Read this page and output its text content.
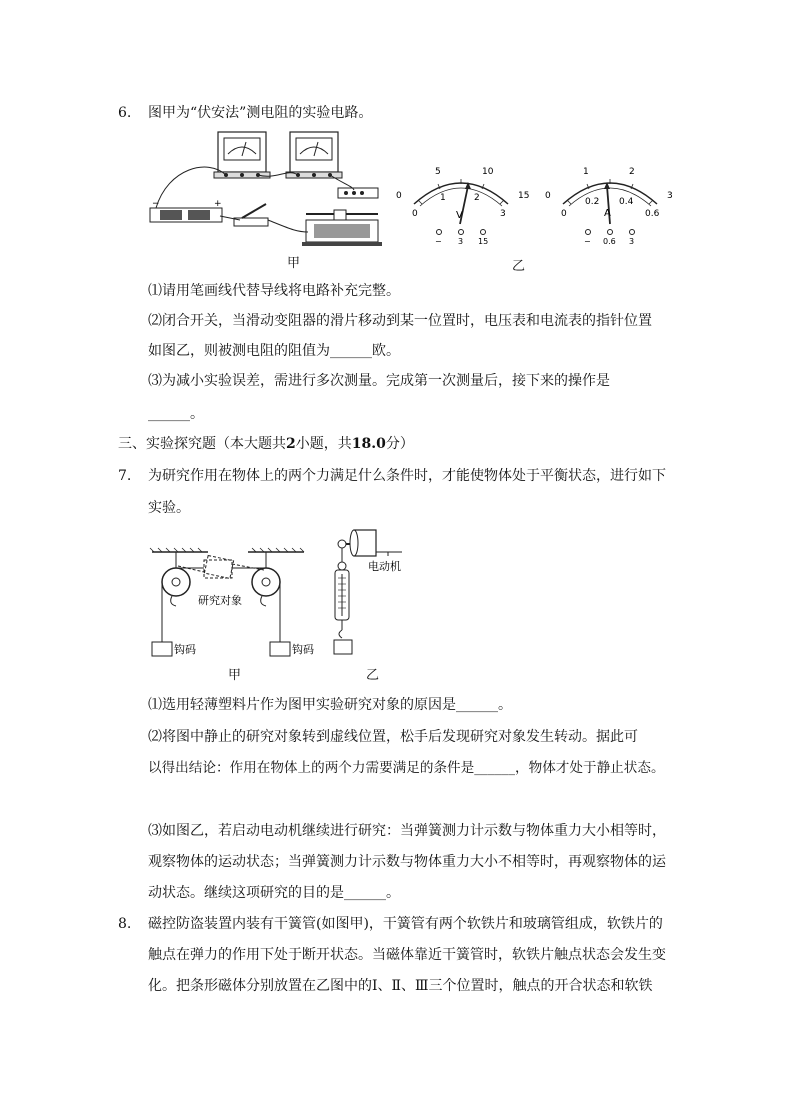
6. 图甲为“伏安法”测电阻的实验电路。
−	+
甲
0
5	10
15
0
1	2
3
V
− 3 15
0
1	2
3
0
0.2 0.4
0.6
A
− 0.6 3
乙
⑴请用笔画线代替导线将电路补充完整。
⑵闭合开关，当滑动变阻器的滑片移动到某一位置时，电压表和电流表的指针位置
如图乙，则被测电阻的阻值为______欧。
⑶为减小实验误差，需进行多次测量。完成第一次测量后，接下来的操作是
______。
三、实验探究题（本大题共2小题，共18.0分）
7. 为研究作用在物体上的两个力满足什么条件时，才能使物体处于平衡状态，进行如下
实验。
研究对象
钩码	钩码
电动机
甲	乙
⑴选用轻薄塑料片作为图甲实验研究对象的原因是______。
⑵将图中静止的研究对象转到虚线位置，松手后发现研究对象发生转动。据此可
以得出结论：作用在物体上的两个力需要满足的条件是______，物体才处于静止状态。
⑶如图乙，若启动电动机继续进行研究：当弹簧测力计示数与物体重力大小相等时，
观察物体的运动状态；当弹簧测力计示数与物体重力大小不相等时，再观察物体的运
动状态。继续这项研究的目的是______。
8. 磁控防盗装置内装有干簧管(如图甲)，干簧管有两个软铁片和玻璃管组成，软铁片的
触点在弹力的作用下处于断开状态。当磁体靠近干簧管时，软铁片触点状态会发生变
化。把条形磁体分别放置在乙图中的Ⅰ、Ⅱ、Ⅲ三个位置时，触点的开合状态和软铁
